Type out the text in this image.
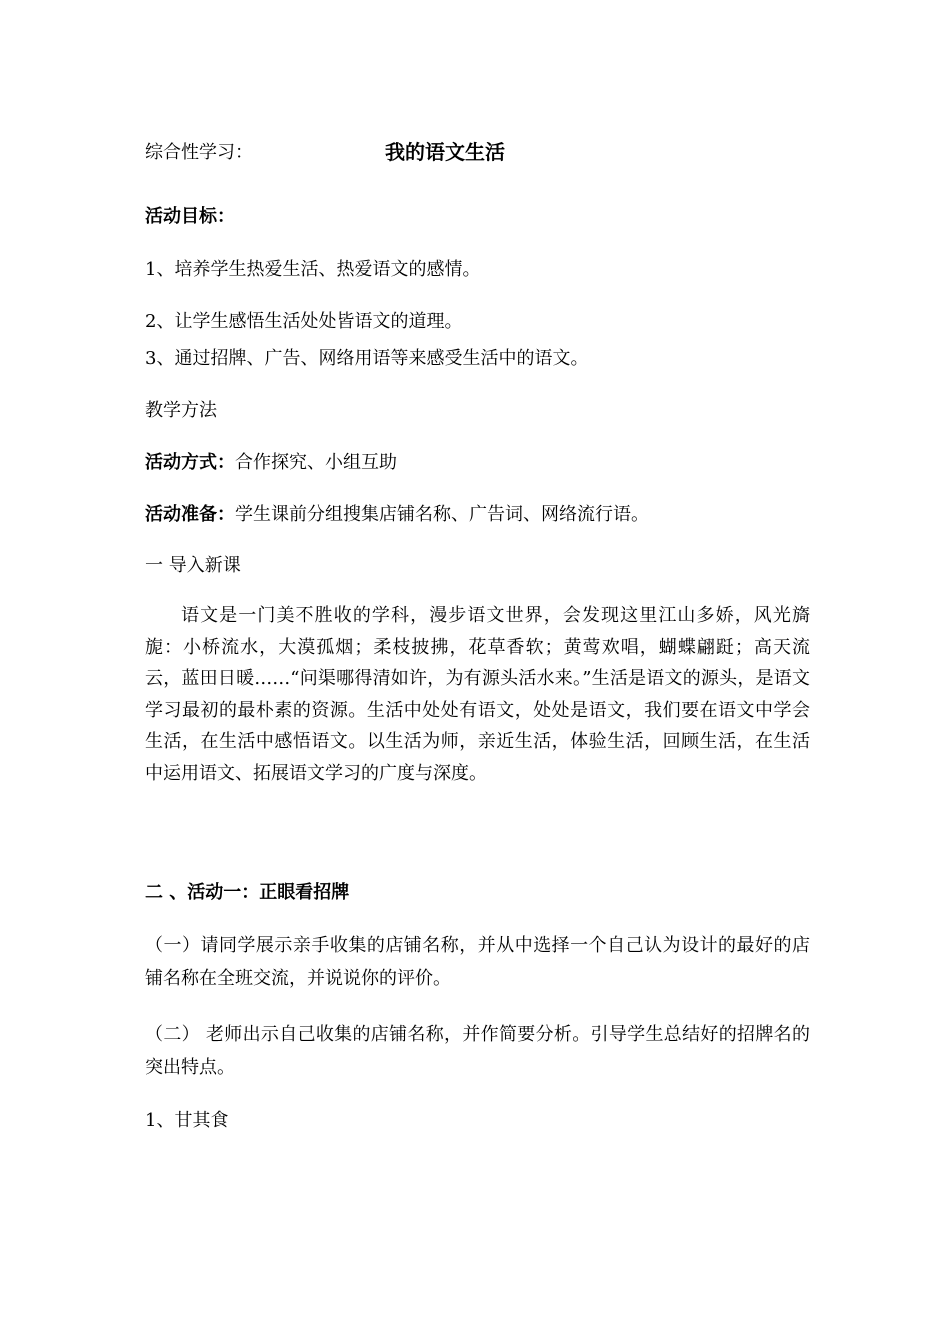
综合性学习：	我的语文生活
活动目标：
1、培养学生热爱生活、热爱语文的感情。
2、让学生感悟生活处处皆语文的道理。
3、通过招牌、广告、网络用语等来感受生活中的语文。
教学方法
活动方式：合作探究、小组互助
活动准备：学生课前分组搜集店铺名称、广告词、网络流行语。
一 导入新课
语文是一门美不胜收的学科，漫步语文世界，会发现这里江山多娇，风光旖旎：小桥流水，大漠孤烟；柔枝披拂，花草香软；黄莺欢唱，蝴蝶翩跹；高天流云，蓝田日暖……“问渠哪得清如许，为有源头活水来。”生活是语文的源头，是语文学习最初的最朴素的资源。生活中处处有语文，处处是语文，我们要在语文中学会生活，在生活中感悟语文。以生活为师，亲近生活，体验生活，回顾生活，在生活中运用语文、拓展语文学习的广度与深度。
二 、活动一：正眼看招牌
（一）请同学展示亲手收集的店铺名称，并从中选择一个自己认为设计的最好的店铺名称在全班交流，并说说你的评价。
（二） 老师出示自己收集的店铺名称，并作简要分析。引导学生总结好的招牌名的突出特点。
1、甘其食
